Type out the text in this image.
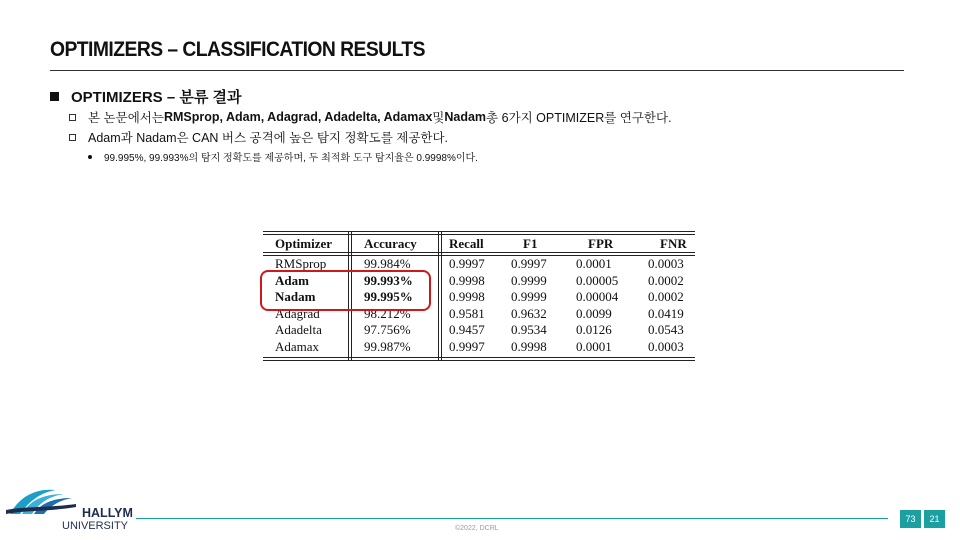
OPTIMIZERS – CLASSIFICATION RESULTS
OPTIMIZERS – 분류 결과
본 논문에서는 RMSprop, Adam, Adagrad, Adadelta, Adamax 및 Nadam 총 6가지 OPTIMIZER를 연구한다.
Adam과 Nadam은 CAN 버스 공격에 높은 탐지 정확도를 제공한다.
99.995%, 99.993%의 탐지 정확도를 제공하며, 두 최적화 도구 탐지율은 0.9998%이다.
Optimizer Accuracy Recall	F1	FPR	FNR
RMSprop	99.984%	0.9997 0.9997 0.0001	0.0003
Adam	99.993%	0.9998 0.9999 0.00005 0.0002
Nadam	99.995%	0.9998 0.9999 0.00004 0.0002
Adagrad	98.212%	0.9581 0.9632 0.0099	0.0419
Adadelta	97.756%	0.9457 0.9534 0.0126	0.0543
Adamax	99.987%	0.9997 0.9998 0.0001	0.0003
HALLYM
UNIVERSITY	©2022, DCRL
73	21
